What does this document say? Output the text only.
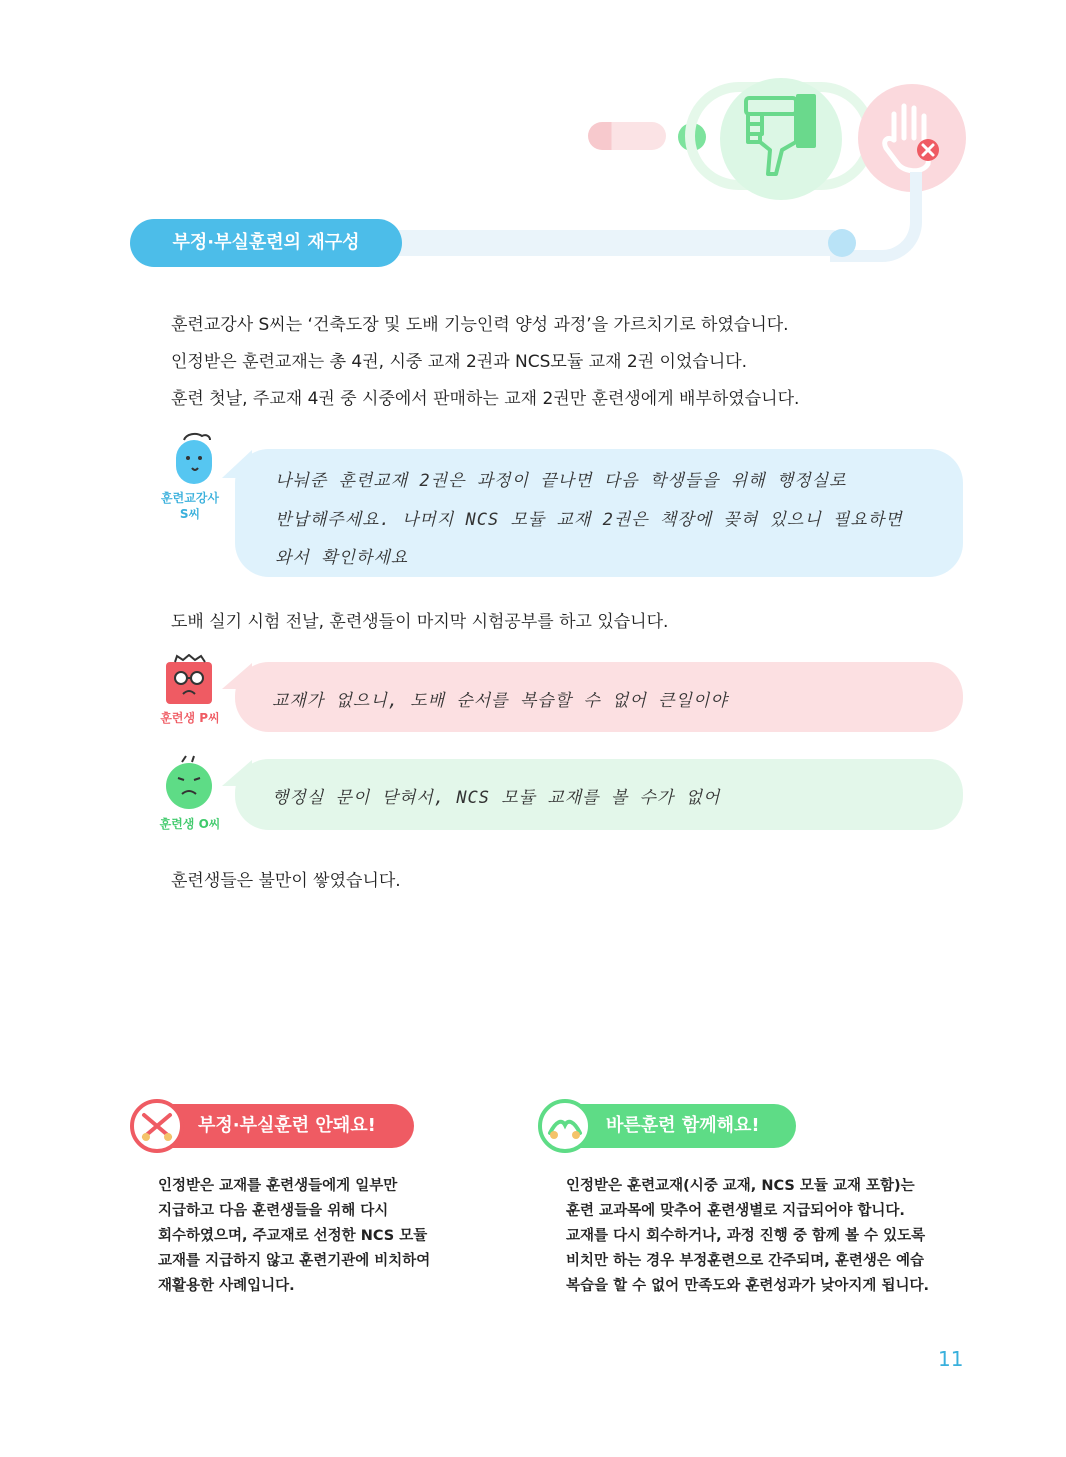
부정·부실훈련의 재구성
훈련교강사 S씨는 ‘건축도장 및 도배 기능인력 양성 과정’을 가르치기로 하였습니다.
인정받은 훈련교재는 총 4권, 시중 교재 2권과 NCS모듈 교재 2권 이었습니다.
훈련 첫날, 주교재 4권 중 시중에서 판매하는 교재 2권만 훈련생에게 배부하였습니다.
훈련교강사
S씨
나눠준 훈련교재 2권은 과정이 끝나면 다음 학생들을 위해 행정실로
반납해주세요. 나머지 NCS 모듈 교재 2권은 책장에 꽂혀 있으니 필요하면
와서 확인하세요
도배 실기 시험 전날, 훈련생들이 마지막 시험공부를 하고 있습니다.
훈련생 P씨
교재가 없으니, 도배 순서를 복습할 수 없어 큰일이야
훈련생 O씨
행정실 문이 닫혀서, NCS 모듈 교재를 볼 수가 없어
훈련생들은 불만이 쌓였습니다.
부정·부실훈련 안돼요!
인정받은 교재를 훈련생들에게 일부만
지급하고 다음 훈련생들을 위해 다시
회수하였으며, 주교재로 선정한 NCS 모듈
교재를 지급하지 않고 훈련기관에 비치하여
재활용한 사례입니다.
바른훈련 함께해요!
인정받은 훈련교재(시중 교재, NCS 모듈 교재 포함)는
훈련 교과목에 맞추어 훈련생별로 지급되어야 합니다.
교재를 다시 회수하거나, 과정 진행 중 함께 볼 수 있도록
비치만 하는 경우 부정훈련으로 간주되며, 훈련생은 예습
복습을 할 수 없어 만족도와 훈련성과가 낮아지게 됩니다.
11
